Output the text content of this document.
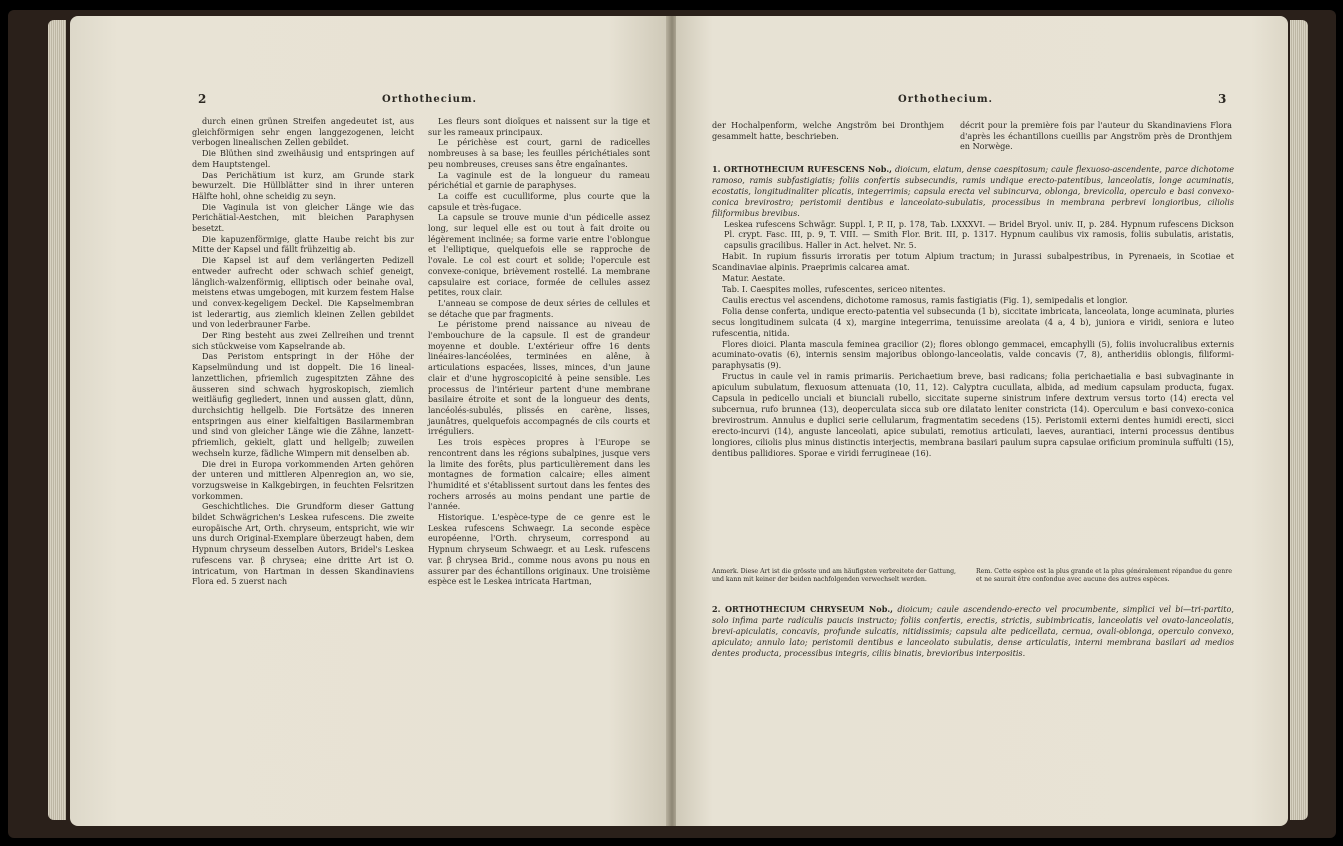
2	Orthothecium.

durch einen grünen Streifen angedeutet ist, aus gleichförmigen sehr engen langgezogenen, leicht verbogen linealischen Zellen gebildet.

Die Blüthen sind zweihäusig und entspringen auf dem Hauptstengel.

Das Perichätium ist kurz, am Grunde stark bewurzelt. Die Hüllblätter sind in ihrer unteren Hälfte hohl, ohne scheidig zu seyn.

Die Vaginula ist von gleicher Länge wie das Perichätial-Aestchen, mit bleichen Paraphysen besetzt.

Die kapuzenförmige, glatte Haube reicht bis zur Mitte der Kapsel und fällt frühzeitig ab.

Die Kapsel ist auf dem verlängerten Pedizell entweder aufrecht oder schwach schief geneigt, länglich-walzenförmig, elliptisch oder beinahe oval, meistens etwas umgebogen, mit kurzem festem Halse und convex-kegeligem Deckel. Die Kapselmembran ist lederartig, aus ziemlich kleinen Zellen gebildet und von lederbrauner Farbe.

Der Ring besteht aus zwei Zellreihen und trennt sich stückweise vom Kapselrande ab.

Das Peristom entspringt in der Höhe der Kapselmündung und ist doppelt. Die 16 lineal-lanzettlichen, pfriemlich zugespitzten Zähne des äusseren sind schwach hygroskopisch, ziemlich weitläufig gegliedert, innen und aussen glatt, dünn, durchsichtig hellgelb. Die Fortsätze des inneren entspringen aus einer kielfaltigen Basilarmembran und sind von gleicher Länge wie die Zähne, lanzett-pfriemlich, gekielt, glatt und hellgelb; zuweilen wechseln kurze, fädliche Wimpern mit denselben ab.

Die drei in Europa vorkommenden Arten gehören der unteren und mittleren Alpenregion an, wo sie, vorzugsweise in Kalkgebirgen, in feuchten Felsritzen vorkommen.

Geschichtliches. Die Grundform dieser Gattung bildet Schwägrichen's Leskea rufescens. Die zweite europäische Art, Orth. chryseum, entspricht, wie wir uns durch Original-Exemplare überzeugt haben, dem Hypnum chryseum desselben Autors, Bridel's Leskea rufescens var. β chrysea; eine dritte Art ist O. intricatum, von Hartman in dessen Skandinaviens Flora ed. 5 zuerst nach

Les fleurs sont dioïques et naissent sur la tige et sur les rameaux principaux.

Le périchèse est court, garni de radicelles nombreuses à sa base; les feuilles périchétiales sont peu nombreuses, creuses sans être engaînantes.

La vaginule est de la longueur du rameau périchétial et garnie de paraphyses.

La coiffe est cuculliforme, plus courte que la capsule et très-fugace.

La capsule se trouve munie d'un pédicelle assez long, sur lequel elle est ou tout à fait droite ou légèrement inclinée; sa forme varie entre l'oblongue et l'elliptique, quelquefois elle se rapproche de l'ovale. Le col est court et solide; l'opercule est convexe-conique, brièvement rostellé. La membrane capsulaire est coriace, formée de cellules assez petites, roux clair.

L'anneau se compose de deux séries de cellules et se détache que par fragments.

Le péristome prend naissance au niveau de l'embouchure de la capsule. Il est de grandeur moyenne et double. L'extérieur offre 16 dents linéaires-lancéolées, terminées en alêne, à articulations espacées, lisses, minces, d'un jaune clair et d'une hygroscopicité à peine sensible. Les processus de l'intérieur partent d'une membrane basilaire étroite et sont de la longueur des dents, lancéolés-subulés, plissés en carène, lisses, jaunâtres, quelquefois accompagnés de cils courts et irréguliers.

Les trois espèces propres à l'Europe se rencontrent dans les régions subalpines, jusque vers la limite des forêts, plus particulièrement dans les montagnes de formation calcaire; elles aiment l'humidité et s'établissent surtout dans les fentes des rochers arrosés au moins pendant une partie de l'année.

Historique. L'espèce-type de ce genre est le Leskea rufescens Schwaegr. La seconde espèce européenne, l'Orth. chryseum, correspond au Hypnum chryseum Schwaegr. et au Lesk. rufescens var. β chrysea Brid., comme nous avons pu nous en assurer par des échantillons originaux. Une troisième espèce est le Leskea intricata Hartman,

Orthothecium.	3
der Hochalpenform, welche Angström bei Dronthjem gesammelt hatte, beschrieben.
décrit pour la première fois par l'auteur du Skandinaviens Flora d'après les échantillons cueillis par Angström près de Dronthjem en Norwège.

1. ORTHOTHECIUM RUFESCENS Nob., dioicum, elatum, dense caespitosum; caule flexuoso-ascendente, parce dichotome ramoso, ramis subfastigiatis; foliis confertis subsecundis, ramis undique erecto-patentibus, lanceolatis, longe acuminatis, ecostatis, longitudinaliter plicatis, integerrimis; capsula erecta vel subincurva, oblonga, brevicolla, operculo e basi convexo-conica brevirostro; peristomii dentibus e lanceolato-subulatis, processibus in membrana perbrevi longioribus, ciliolis filiformibus brevibus.

Leskea rufescens Schwägr. Suppl. I, P. II, p. 178, Tab. LXXXVI. — Bridel Bryol. univ. II, p. 284. Hypnum rufescens Dickson Pl. crypt. Fasc. III, p. 9, T. VIII. — Smith Flor. Brit. III, p. 1317. Hypnum caulibus vix ramosis, foliis subulatis, aristatis, capsulis gracilibus. Haller in Act. helvet. Nr. 5.

Habit. In rupium fissuris irroratis per totum Alpium tractum; in Jurassi subalpestribus, in Pyrenaeis, in Scotiae et Scandinaviae alpinis. Praeprimis calcarea amat.

Matur. Aestate.

Tab. I. Caespites molles, rufescentes, sericeo nitentes.

Caulis erectus vel ascendens, dichotome ramosus, ramis fastigiatis (Fig. 1), semipedalis et longior.

Folia dense conferta, undique erecto-patentia vel subsecunda (1 b), siccitate imbricata, lanceolata, longe acuminata, pluries secus longitudinem sulcata (4 x), margine integerrima, tenuissime areolata (4 a, 4 b), juniora e viridi, seniora e luteo rufescentia, nitida.

Flores dioici. Planta mascula feminea gracilior (2); flores oblongo gemmacei, emcaphylli (5), foliis involucralibus externis acuminato-ovatis (6), internis sensim majoribus oblongo-lanceolatis, valde concavis (7, 8), antheridiis oblongis, filiformi-paraphysatis (9).

Fructus in caule vel in ramis primariis. Perichaetium breve, basi radicans; folia perichaetialia e basi subvaginante in apiculum subulatum, flexuosum attenuata (10, 11, 12). Calyptra cucullata, albida, ad medium capsulam producta, fugax. Capsula in pedicello unciali et biunciali rubello, siccitate superne sinistrum infere dextrum versus torto (14) erecta vel subcernua, rufo brunnea (13), deoperculata sicca sub ore dilatato leniter constricta (14). Operculum e basi convexo-conica brevirostrum. Annulus e duplici serie cellularum, fragmentatim secedens (15). Peristomii externi dentes humidi erecti, sicci erecto-incurvi (14), anguste lanceolati, apice subulati, remotius articulati, laeves, aurantiaci, interni processus dentibus longiores, ciliolis plus minus distinctis interjectis, membrana basilari paulum supra capsulae orificium prominula suffulti (15), dentibus pallidiores. Sporae e viridi ferrugineae (16).

Anmerk. Diese Art ist die grösste und am häufigsten verbreitete der Gattung, und kann mit keiner der beiden nachfolgenden verwechselt werden.
Rem. Cette espèce est la plus grande et la plus généralement répandue du genre et ne saurait être confondue avec aucune des autres espèces.

2. ORTHOTHECIUM CHRYSEUM Nob., dioicum; caule ascendendo-erecto vel procumbente, simplici vel bi—tri-partito, solo infima parte radiculis paucis instructo; foliis confertis, erectis, strictis, subimbricatis, lanceolatis vel ovato-lanceolatis, brevi-apiculatis, concavis, profunde sulcatis, nitidissimis; capsula alte pedicellata, cernua, ovali-oblonga, operculo convexo, apiculato; annulo lato; peristomii dentibus e lanceolato subulatis, dense articulatis, interni membrana basilari ad medios dentes producta, processibus integris, ciliis binatis, brevioribus interpositis.
